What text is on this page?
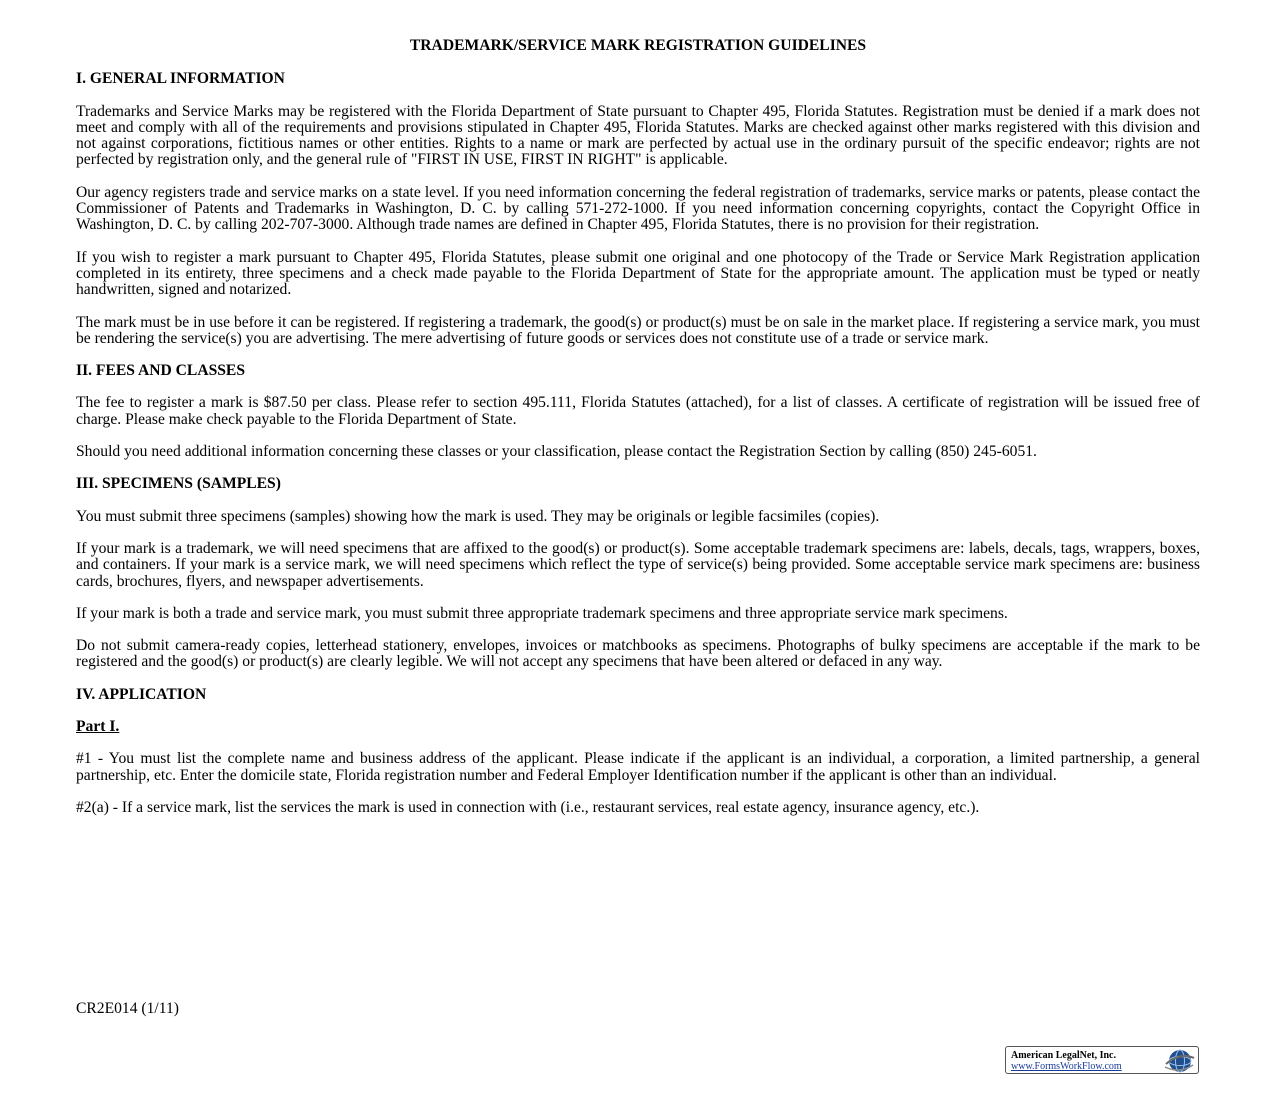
TRADEMARK/SERVICE MARK REGISTRATION GUIDELINES
I. GENERAL INFORMATION

Trademarks and Service Marks may be registered with the Florida Department of State pursuant to Chapter 495, Florida Statutes. Registration must be denied if a mark does not meet and comply with all of the requirements and provisions stipulated in Chapter 495, Florida Statutes. Marks are checked against other marks registered with this division and not against corporations, fictitious names or other entities. Rights to a name or mark are perfected by actual use in the ordinary pursuit of the specific endeavor; rights are not perfected by registration only, and the general rule of "FIRST IN USE, FIRST IN RIGHT" is applicable.

Our agency registers trade and service marks on a state level. If you need information concerning the federal registration of trademarks, service marks or patents, please contact the Commissioner of Patents and Trademarks in Washington, D. C. by calling 571-272-1000. If you need information concerning copyrights, contact the Copyright Office in Washington, D. C. by calling 202-707-3000. Although trade names are defined in Chapter 495, Florida Statutes, there is no provision for their registration.

If you wish to register a mark pursuant to Chapter 495, Florida Statutes, please submit one original and one photocopy of the Trade or Service Mark Registration application completed in its entirety, three specimens and a check made payable to the Florida Department of State for the appropriate amount. The application must be typed or neatly handwritten, signed and notarized.

The mark must be in use before it can be registered. If registering a trademark, the good(s) or product(s) must be on sale in the market place. If registering a service mark, you must be rendering the service(s) you are advertising. The mere advertising of future goods or services does not constitute use of a trade or service mark.

II. FEES AND CLASSES

The fee to register a mark is $87.50 per class. Please refer to section 495.111, Florida Statutes (attached), for a list of classes. A certificate of registration will be issued free of charge. Please make check payable to the Florida Department of State.

Should you need additional information concerning these classes or your classification, please contact the Registration Section by calling (850) 245-6051.

III. SPECIMENS (SAMPLES)

You must submit three specimens (samples) showing how the mark is used. They may be originals or legible facsimiles (copies).

If your mark is a trademark, we will need specimens that are affixed to the good(s) or product(s). Some acceptable trademark specimens are: labels, decals, tags, wrappers, boxes, and containers. If your mark is a service mark, we will need specimens which reflect the type of service(s) being provided. Some acceptable service mark specimens are: business cards, brochures, flyers, and newspaper advertisements.

If your mark is both a trade and service mark, you must submit three appropriate trademark specimens and three appropriate service mark specimens.

Do not submit camera-ready copies, letterhead stationery, envelopes, invoices or matchbooks as specimens. Photographs of bulky specimens are acceptable if the mark to be registered and the good(s) or product(s) are clearly legible. We will not accept any specimens that have been altered or defaced in any way.

IV. APPLICATION
Part I.

#1 - You must list the complete name and business address of the applicant. Please indicate if the applicant is an individual, a corporation, a limited partnership, a general partnership, etc. Enter the domicile state, Florida registration number and Federal Employer Identification number if the applicant is other than an individual.

#2(a) - If a service mark, list the services the mark is used in connection with (i.e., restaurant services, real estate agency, insurance agency, etc.).

CR2E014 (1/11)
American LegalNet, Inc.
www.FormsWorkFlow.com
